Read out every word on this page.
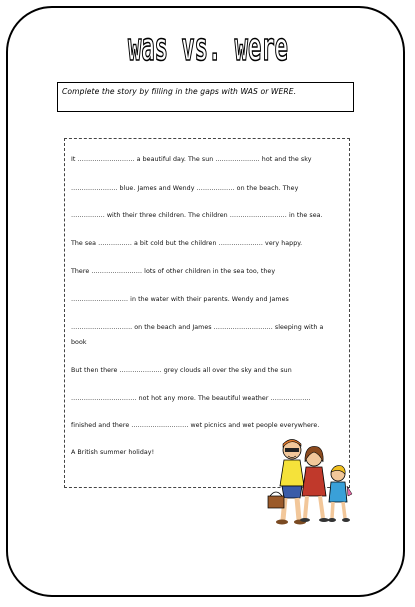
was vs. were
Complete the story by filling in the gaps with WAS or WERE.
It ……………………… a beautiful day. The sun ………………… hot and the sky
…………………. blue. James and Wendy ……………… on the beach. They
……………. with their three children. The children ……………………… in the sea.
The sea ……………. a bit cold but the children ………………… very happy.
There …………………… lots of other children in the sea too, they
……………………… in the water with their parents. Wendy and James
……………………….. on the beach and James ………………………. sleeping with a
book
But then there ……………….. grey clouds all over the sky and the sun
…………………………. not hot any more. The beautiful weather ……………….
finished and there ……………………… wet picnics and wet people everywhere.
A British summer holiday!
